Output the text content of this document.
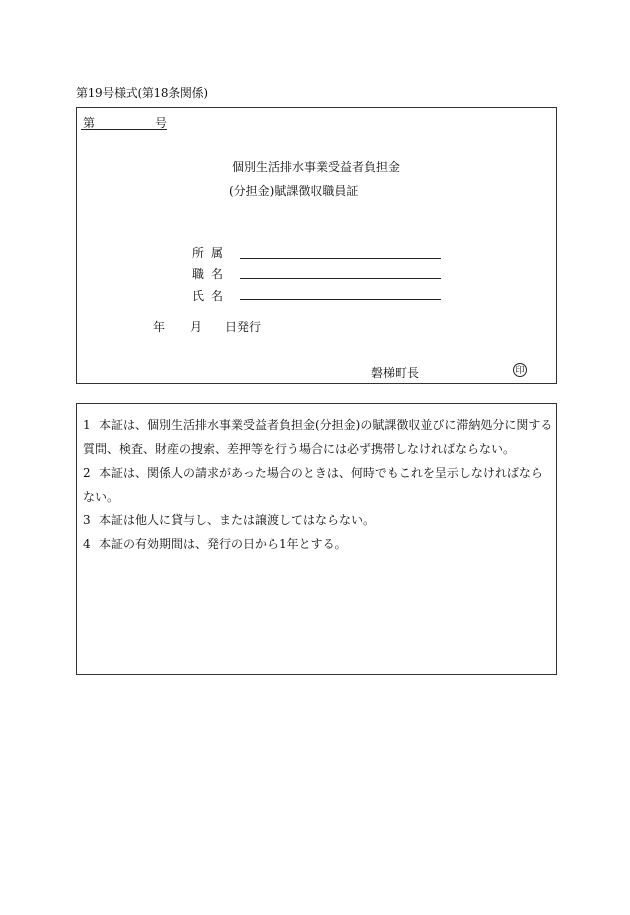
第19号様式(第18条関係)
第	号
個別生活排水事業受益者負担金
(分担金)賦課徴収職員証
所属
職名
氏名
年 月 日発行
磐梯町長	印
1 本証は、個別生活排水事業受益者負担金(分担金)の賦課徴収並びに滞納処分に関する質問、検査、財産の捜索、差押等を行う場合には必ず携帯しなければならない。
2 本証は、関係人の請求があった場合のときは、何時でもこれを呈示しなければならない。
3 本証は他人に貸与し、または譲渡してはならない。
4 本証の有効期間は、発行の日から1年とする。
